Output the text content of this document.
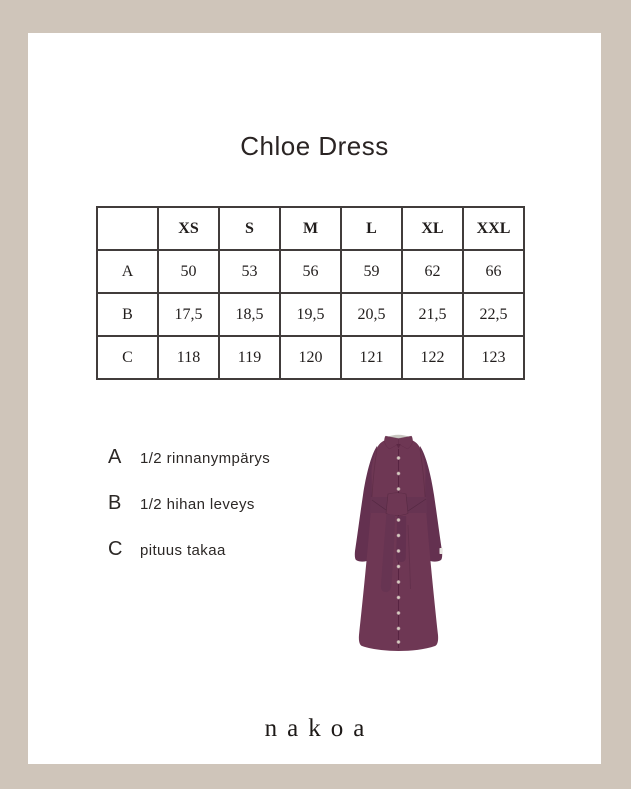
Chloe Dress
	XS	S	M	L	XL	XXL
A	50	53	56	59	62	66
B	17,5	18,5	19,5	20,5	21,5	22,5
C	118	119	120	121	122	123
A	1/2 rinnanympärys
B	1/2 hihan leveys
C	pituus takaa
nakoa
